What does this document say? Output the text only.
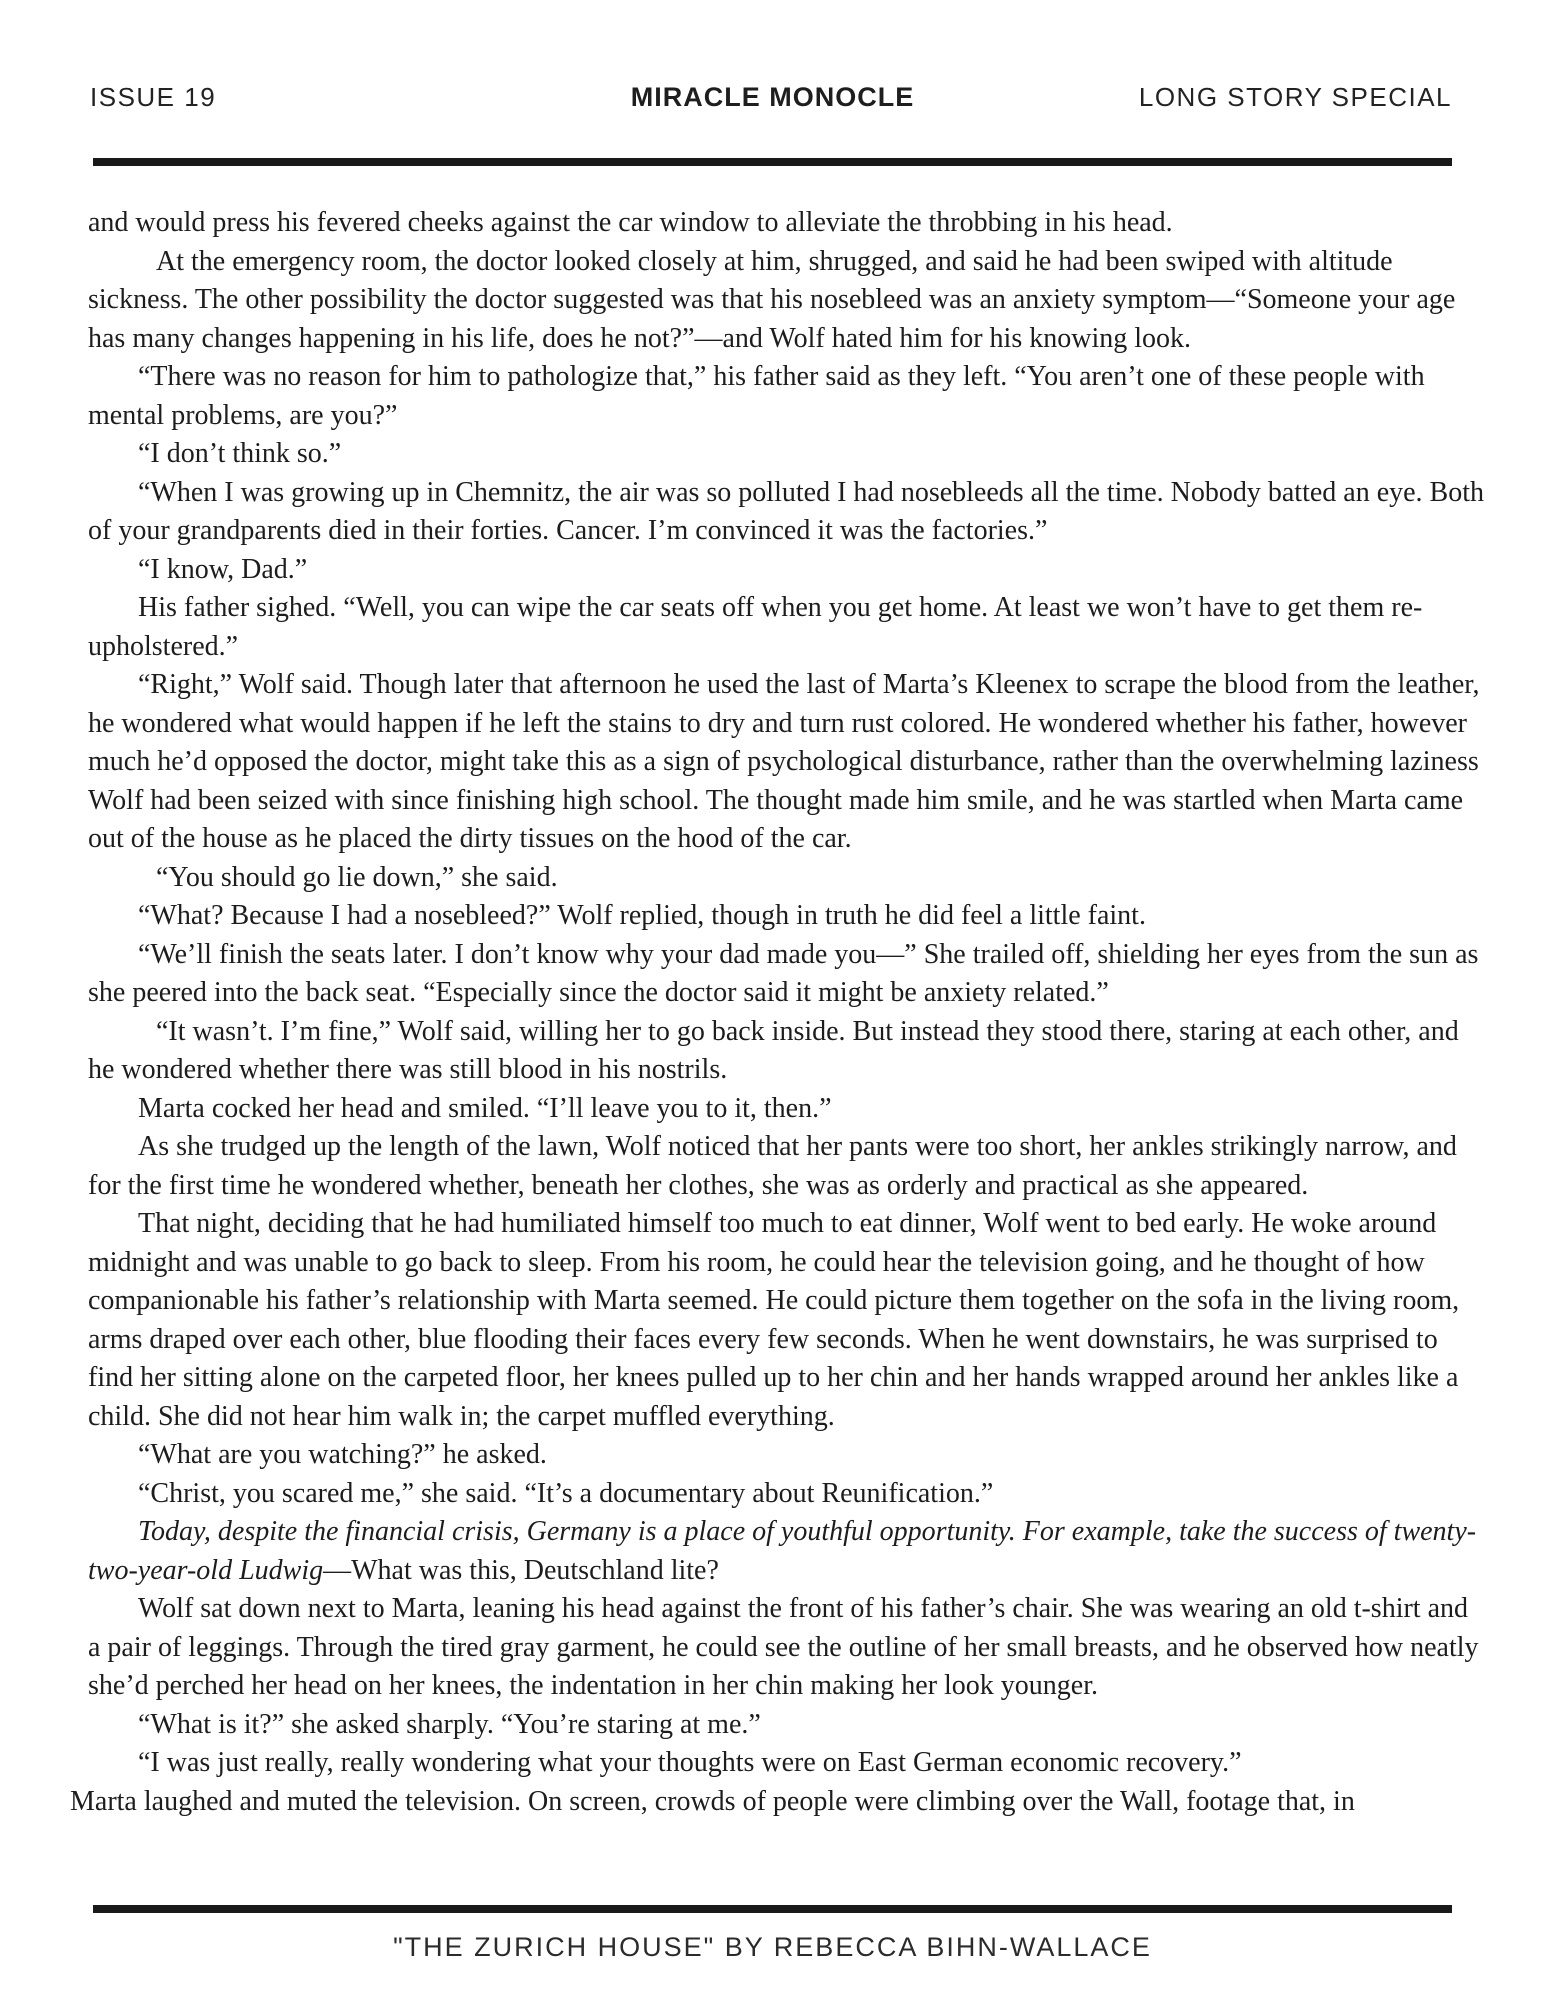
ISSUE 19	LONG STORY SPECIAL
MIRACLE MONOCLE

and would press his fevered cheeks against the car window to alleviate the throbbing in his head.

At the emergency room, the doctor looked closely at him, shrugged, and said he had been swiped with altitude sickness. The other possibility the doctor suggested was that his nosebleed was an anxiety symptom—“Someone your age has many changes happening in his life, does he not?”—and Wolf hated him for his knowing look.

“There was no reason for him to pathologize that,” his father said as they left. “You aren’t one of these people with mental problems, are you?”

“I don’t think so.”

“When I was growing up in Chemnitz, the air was so polluted I had nosebleeds all the time. Nobody batted an eye. Both of your grandparents died in their forties. Cancer. I’m convinced it was the factories.”

“I know, Dad.”

His father sighed. “Well, you can wipe the car seats off when you get home. At least we won’t have to get them re-upholstered.”

“Right,” Wolf said. Though later that afternoon he used the last of Marta’s Kleenex to scrape the blood from the leather, he wondered what would happen if he left the stains to dry and turn rust colored. He wondered whether his father, however much he’d opposed the doctor, might take this as a sign of psychological disturbance, rather than the overwhelming laziness Wolf had been seized with since finishing high school. The thought made him smile, and he was startled when Marta came out of the house as he placed the dirty tissues on the hood of the car.

“You should go lie down,” she said.

“What? Because I had a nosebleed?” Wolf replied, though in truth he did feel a little faint.

“We’ll finish the seats later. I don’t know why your dad made you—” She trailed off, shielding her eyes from the sun as she peered into the back seat. “Especially since the doctor said it might be anxiety related.”

“It wasn’t. I’m fine,” Wolf said, willing her to go back inside. But instead they stood there, staring at each other, and he wondered whether there was still blood in his nostrils.

Marta cocked her head and smiled. “I’ll leave you to it, then.”

As she trudged up the length of the lawn, Wolf noticed that her pants were too short, her ankles strikingly narrow, and for the first time he wondered whether, beneath her clothes, she was as orderly and practical as she appeared.

That night, deciding that he had humiliated himself too much to eat dinner, Wolf went to bed early. He woke around midnight and was unable to go back to sleep. From his room, he could hear the television going, and he thought of how companionable his father’s relationship with Marta seemed. He could picture them together on the sofa in the living room, arms draped over each other, blue flooding their faces every few seconds. When he went downstairs, he was surprised to find her sitting alone on the carpeted floor, her knees pulled up to her chin and her hands wrapped around her ankles like a child. She did not hear him walk in; the carpet muffled everything.

“What are you watching?” he asked.

“Christ, you scared me,” she said. “It’s a documentary about Reunification.”

Today, despite the financial crisis, Germany is a place of youthful opportunity. For example, take the success of twenty-two-year-old Ludwig—What was this, Deutschland lite?

Wolf sat down next to Marta, leaning his head against the front of his father’s chair. She was wearing an old t-shirt and a pair of leggings. Through the tired gray garment, he could see the outline of her small breasts, and he observed how neatly she’d perched her head on her knees, the indentation in her chin making her look younger.

“What is it?” she asked sharply. “You’re staring at me.”

“I was just really, really wondering what your thoughts were on East German economic recovery.”

Marta laughed and muted the television. On screen, crowds of people were climbing over the Wall, footage that, in

"THE ZURICH HOUSE" BY REBECCA BIHN-WALLACE
